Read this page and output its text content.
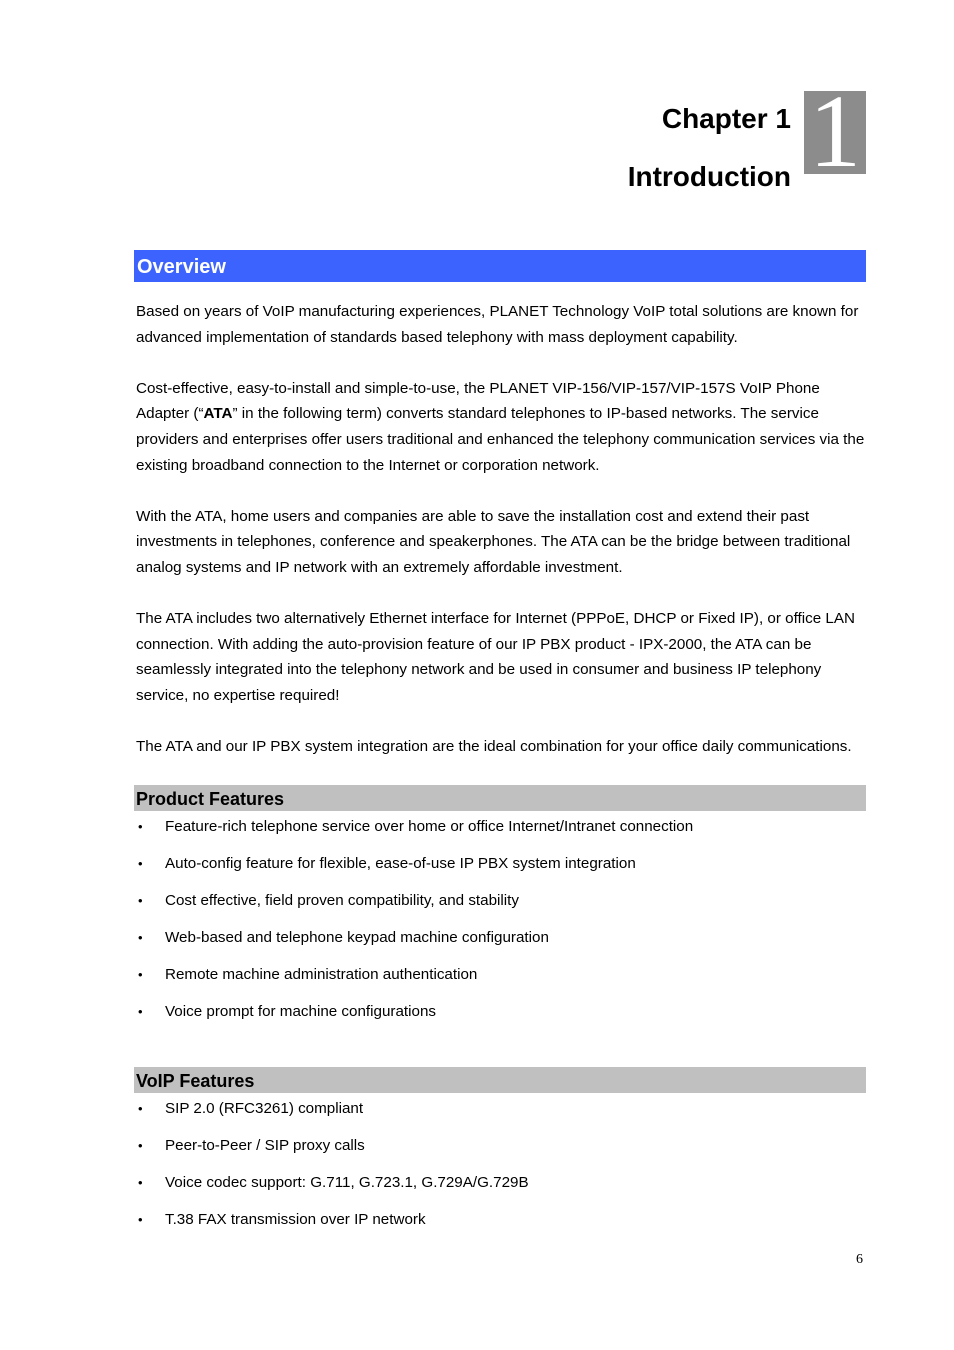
Chapter 1
Introduction 1
Overview

Based on years of VoIP manufacturing experiences, PLANET Technology VoIP total solutions are known for advanced implementation of standards based telephony with mass deployment capability.

Cost-effective, easy-to-install and simple-to-use, the PLANET VIP-156/VIP-157/VIP-157S VoIP Phone Adapter (“ATA” in the following term) converts standard telephones to IP-based networks. The service providers and enterprises offer users traditional and enhanced the telephony communication services via the existing broadband connection to the Internet or corporation network.

With the ATA, home users and companies are able to save the installation cost and extend their past investments in telephones, conference and speakerphones. The ATA can be the bridge between traditional analog systems and IP network with an extremely affordable investment.

The ATA includes two alternatively Ethernet interface for Internet (PPPoE, DHCP or Fixed IP), or office LAN connection. With adding the auto-provision feature of our IP PBX product - IPX-2000, the ATA can be seamlessly integrated into the telephony network and be used in consumer and business IP telephony service, no expertise required!

The ATA and our IP PBX system integration are the ideal combination for your office daily communications.

Product Features
• Feature-rich telephone service over home or office Internet/Intranet connection
• Auto-config feature for flexible, ease-of-use IP PBX system integration
• Cost effective, field proven compatibility, and stability
• Web-based and telephone keypad machine configuration
• Remote machine administration authentication
• Voice prompt for machine configurations
VoIP Features
• SIP 2.0 (RFC3261) compliant
• Peer-to-Peer / SIP proxy calls
• Voice codec support: G.711, G.723.1, G.729A/G.729B
• T.38 FAX transmission over IP network
6
